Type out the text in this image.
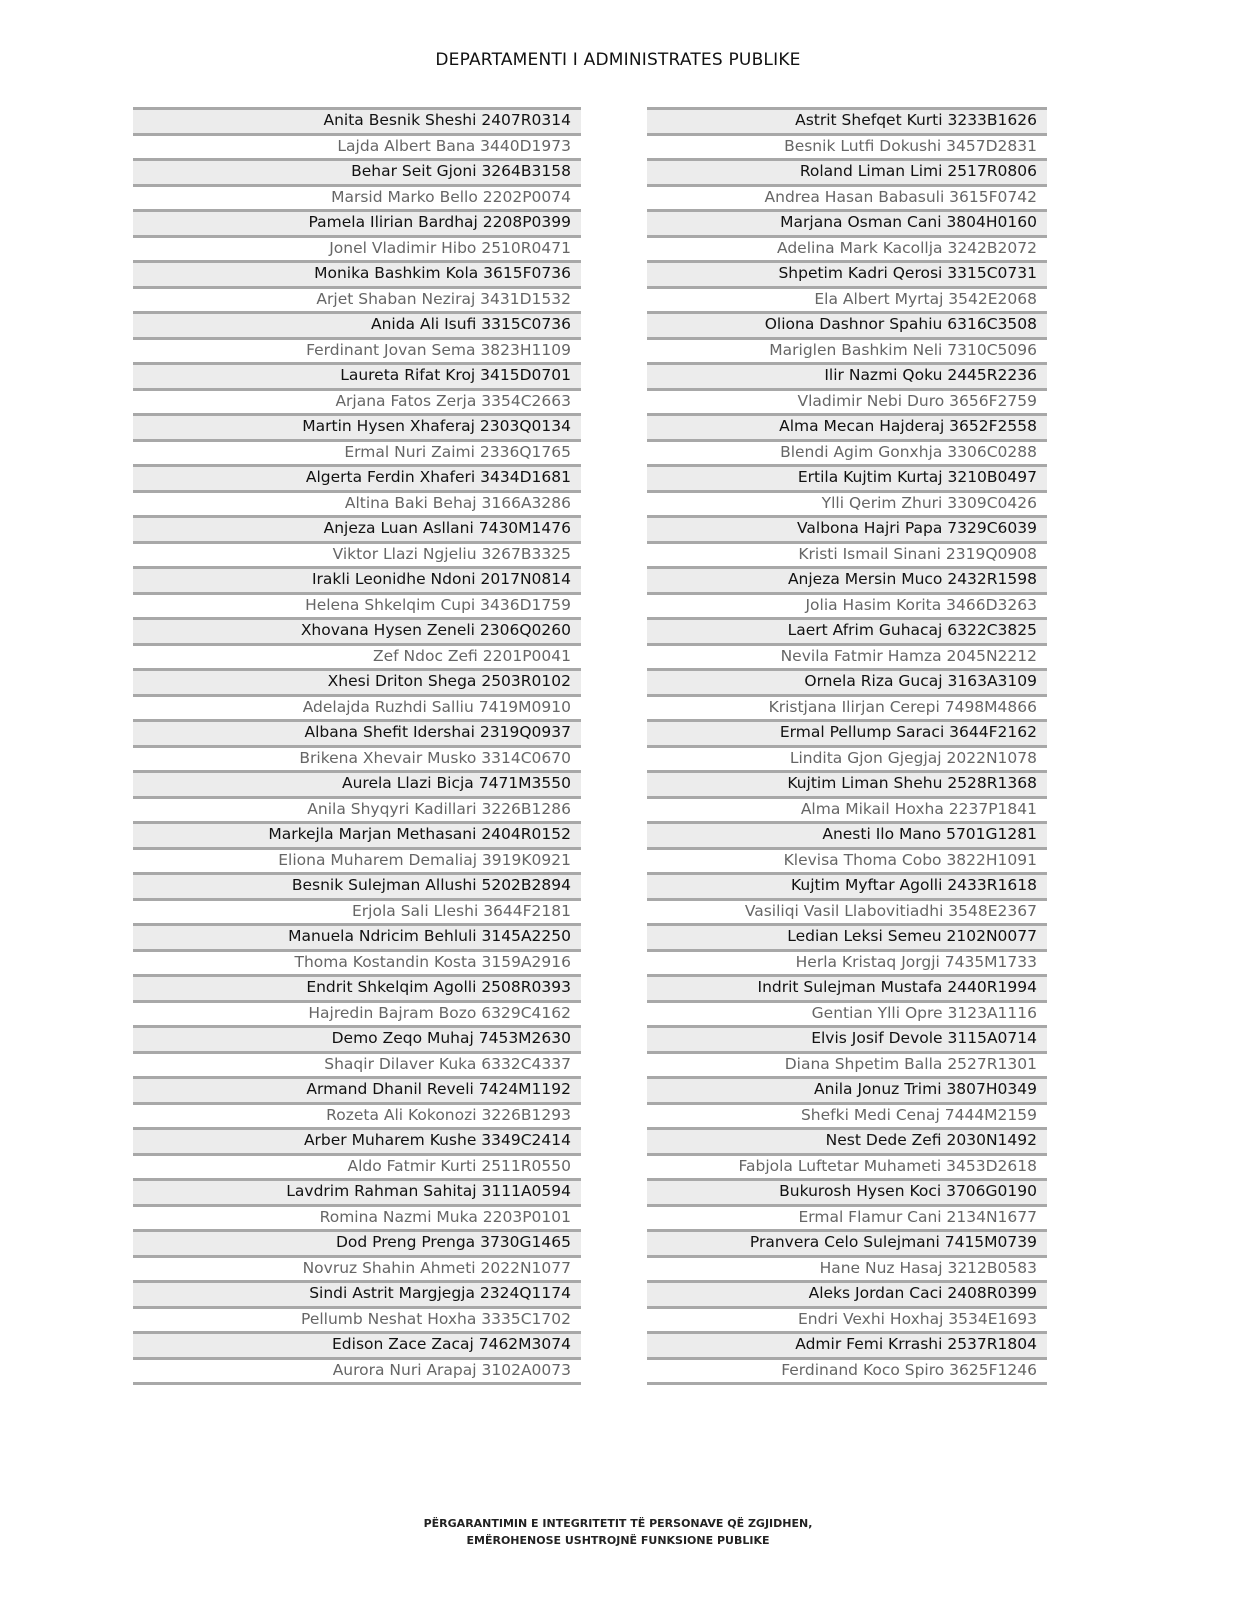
DEPARTAMENTI I ADMINISTRATES PUBLIKE
Anita Besnik Sheshi 2407R0314
Lajda Albert Bana 3440D1973
Behar Seit Gjoni 3264B3158
Marsid Marko Bello 2202P0074
Pamela Ilirian Bardhaj 2208P0399
Jonel Vladimir Hibo 2510R0471
Monika Bashkim Kola 3615F0736
Arjet Shaban Neziraj 3431D1532
Anida Ali Isufi 3315C0736
Ferdinant Jovan Sema 3823H1109
Laureta Rifat Kroj 3415D0701
Arjana Fatos Zerja 3354C2663
Martin Hysen Xhaferaj 2303Q0134
Ermal Nuri Zaimi 2336Q1765
Algerta Ferdin Xhaferi 3434D1681
Altina Baki Behaj 3166A3286
Anjeza Luan Asllani 7430M1476
Viktor Llazi Ngjeliu 3267B3325
Irakli Leonidhe Ndoni 2017N0814
Helena Shkelqim Cupi 3436D1759
Xhovana Hysen Zeneli 2306Q0260
Zef Ndoc Zefi 2201P0041
Xhesi Driton Shega 2503R0102
Adelajda Ruzhdi Salliu 7419M0910
Albana Shefit Idershai 2319Q0937
Brikena Xhevair Musko 3314C0670
Aurela Llazi Bicja 7471M3550
Anila Shyqyri Kadillari 3226B1286
Markejla Marjan Methasani 2404R0152
Eliona Muharem Demaliaj 3919K0921
Besnik Sulejman Allushi 5202B2894
Erjola Sali Lleshi 3644F2181
Manuela Ndricim Behluli 3145A2250
Thoma Kostandin Kosta 3159A2916
Endrit Shkelqim Agolli 2508R0393
Hajredin Bajram Bozo 6329C4162
Demo Zeqo Muhaj 7453M2630
Shaqir Dilaver Kuka 6332C4337
Armand Dhanil Reveli 7424M1192
Rozeta Ali Kokonozi 3226B1293
Arber Muharem Kushe 3349C2414
Aldo Fatmir Kurti 2511R0550
Lavdrim Rahman Sahitaj 3111A0594
Romina Nazmi Muka 2203P0101
Dod Preng Prenga 3730G1465
Novruz Shahin Ahmeti 2022N1077
Sindi Astrit Margjegja 2324Q1174
Pellumb Neshat Hoxha 3335C1702
Edison Zace Zacaj 7462M3074
Aurora Nuri Arapaj 3102A0073
Astrit Shefqet Kurti 3233B1626
Besnik Lutfi Dokushi 3457D2831
Roland Liman Limi 2517R0806
Andrea Hasan Babasuli 3615F0742
Marjana Osman Cani 3804H0160
Adelina Mark Kacollja 3242B2072
Shpetim Kadri Qerosi 3315C0731
Ela Albert Myrtaj 3542E2068
Oliona Dashnor Spahiu 6316C3508
Mariglen Bashkim Neli 7310C5096
Ilir Nazmi Qoku 2445R2236
Vladimir Nebi Duro 3656F2759
Alma Mecan Hajderaj 3652F2558
Blendi Agim Gonxhja 3306C0288
Ertila Kujtim Kurtaj 3210B0497
Ylli Qerim Zhuri 3309C0426
Valbona Hajri Papa 7329C6039
Kristi Ismail Sinani 2319Q0908
Anjeza Mersin Muco 2432R1598
Jolia Hasim Korita 3466D3263
Laert Afrim Guhacaj 6322C3825
Nevila Fatmir Hamza 2045N2212
Ornela Riza Gucaj 3163A3109
Kristjana Ilirjan Cerepi 7498M4866
Ermal Pellump Saraci 3644F2162
Lindita Gjon Gjegjaj 2022N1078
Kujtim Liman Shehu 2528R1368
Alma Mikail Hoxha 2237P1841
Anesti Ilo Mano 5701G1281
Klevisa Thoma Cobo 3822H1091
Kujtim Myftar Agolli 2433R1618
Vasiliqi Vasil Llabovitiadhi 3548E2367
Ledian Leksi Semeu 2102N0077
Herla Kristaq Jorgji 7435M1733
Indrit Sulejman Mustafa 2440R1994
Gentian Ylli Opre 3123A1116
Elvis Josif Devole 3115A0714
Diana Shpetim Balla 2527R1301
Anila Jonuz Trimi 3807H0349
Shefki Medi Cenaj 7444M2159
Nest Dede Zefi 2030N1492
Fabjola Luftetar Muhameti 3453D2618
Bukurosh Hysen Koci 3706G0190
Ermal Flamur Cani 2134N1677
Pranvera Celo Sulejmani 7415M0739
Hane Nuz Hasaj 3212B0583
Aleks Jordan Caci 2408R0399
Endri Vexhi Hoxhaj 3534E1693
Admir Femi Krrashi 2537R1804
Ferdinand Koco Spiro 3625F1246
PËRGARANTIMIN E INTEGRITETIT TË PERSONAVE QË ZGJIDHEN,
EMËROHENOSE USHTROJNË FUNKSIONE PUBLIKE
